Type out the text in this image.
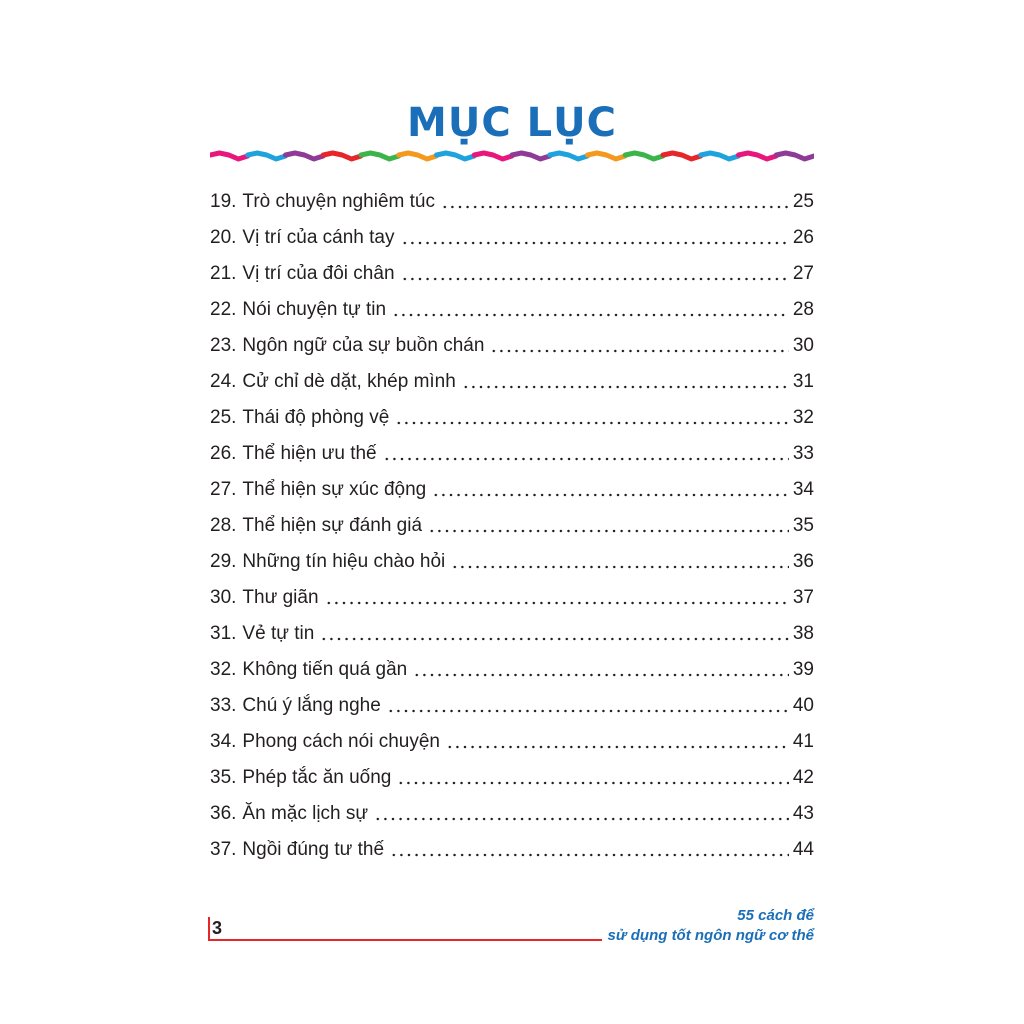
MỤC LỤC
19. Trò chuyện nghiêm túc	25
20. Vị trí của cánh tay	26
21. Vị trí của đôi chân	27
22. Nói chuyện tự tin	28
23. Ngôn ngữ của sự buồn chán	30
24. Cử chỉ dè dặt, khép mình	31
25. Thái độ phòng vệ	32
26. Thể hiện ưu thế	33
27. Thể hiện sự xúc động	34
28. Thể hiện sự đánh giá	35
29. Những tín hiệu chào hỏi	36
30. Thư giãn	37
31. Vẻ tự tin	38
32. Không tiến quá gần	39
33. Chú ý lắng nghe	40
34. Phong cách nói chuyện	41
35. Phép tắc ăn uống	42
36. Ăn mặc lịch sự	43
37. Ngồi đúng tư thế	44
3
55 cách để
sử dụng tốt ngôn ngữ cơ thể
